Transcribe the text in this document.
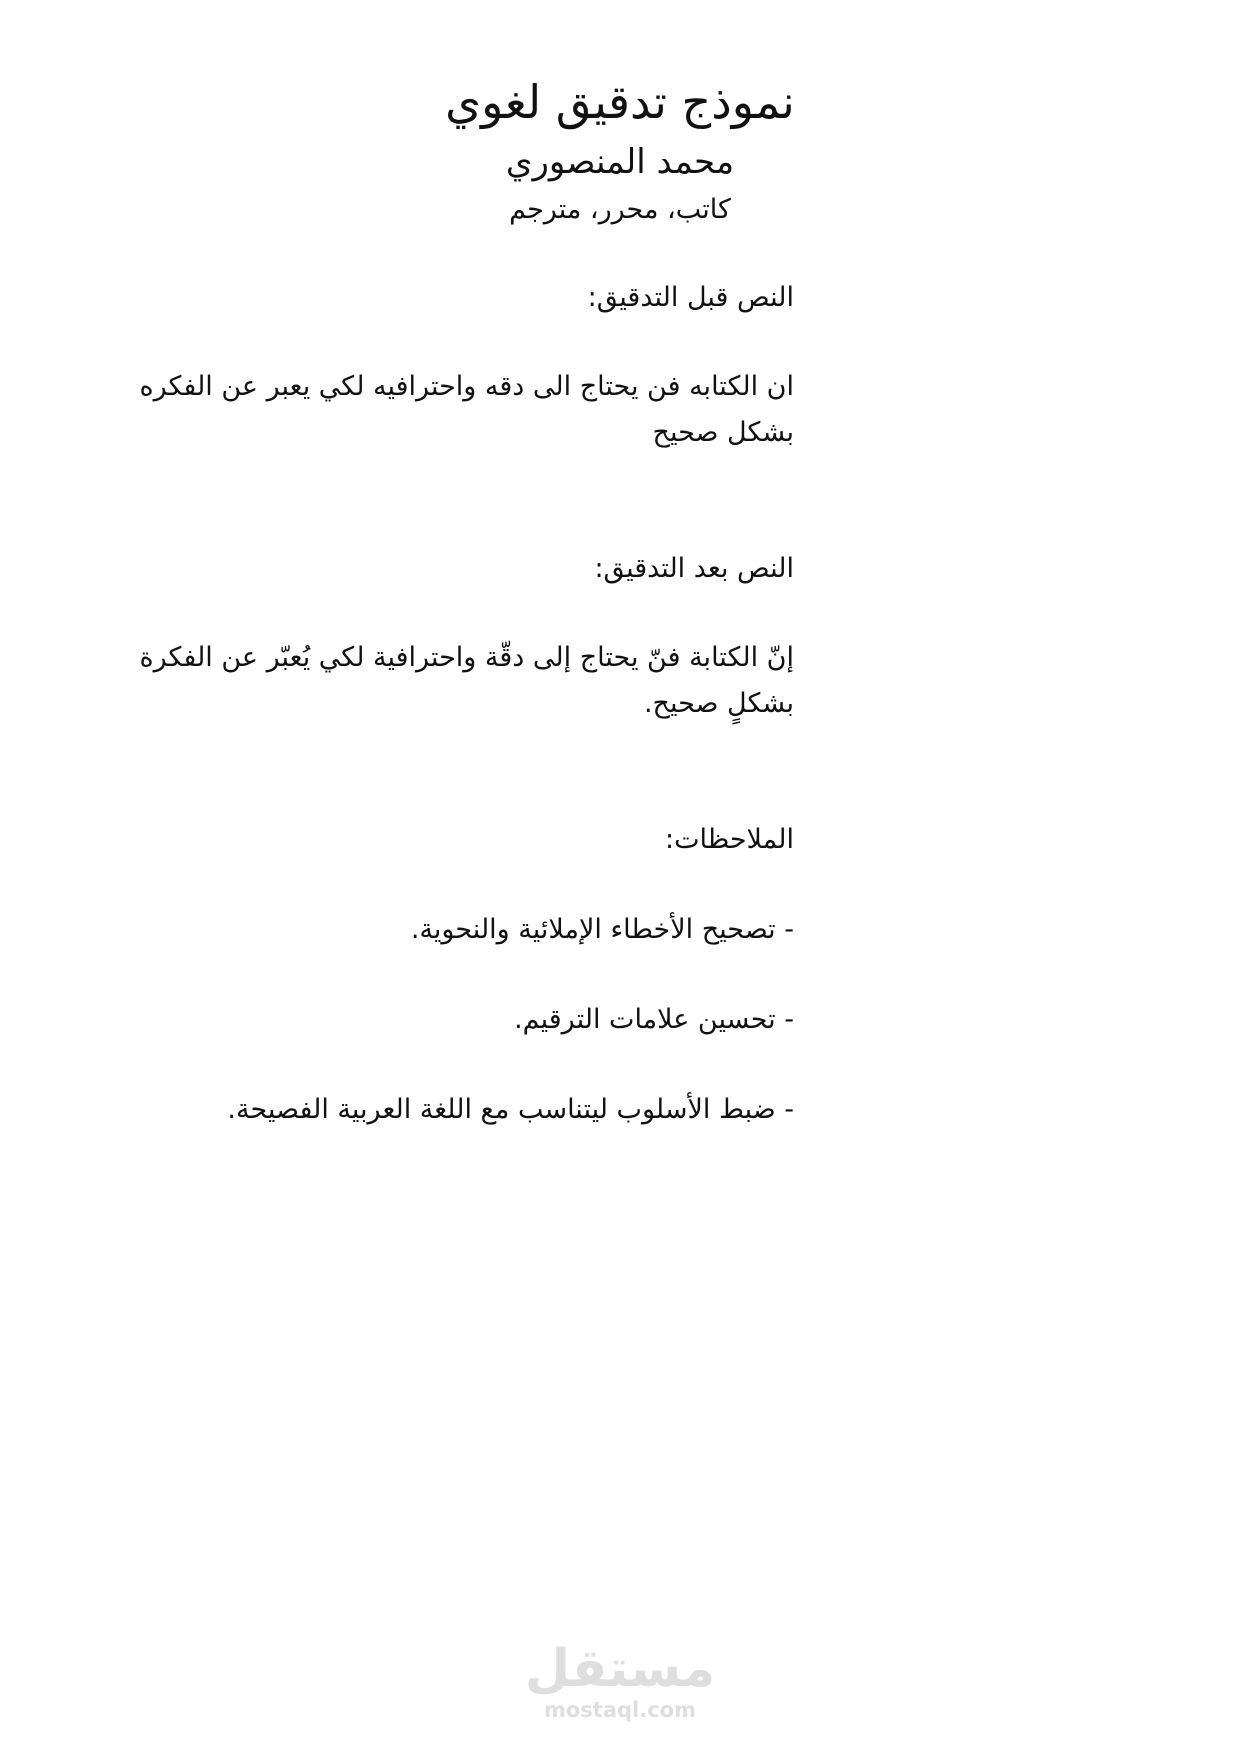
نموذج تدقيق لغوي
محمد المنصوري
كاتب، محرر، مترجم
النص قبل التدقيق:
ان الكتابه فن يحتاج الى دقه واحترافيه لكي يعبر عن الفكره بشكل صحيح
النص بعد التدقيق:
إنّ الكتابة فنّ يحتاج إلى دقّة واحترافية لكي يُعبّر عن الفكرة بشكلٍ صحيح.
الملاحظات:
- تصحيح الأخطاء الإملائية والنحوية.
- تحسين علامات الترقيم.
- ضبط الأسلوب ليتناسب مع اللغة العربية الفصيحة.
مستقل
mostaql.com
